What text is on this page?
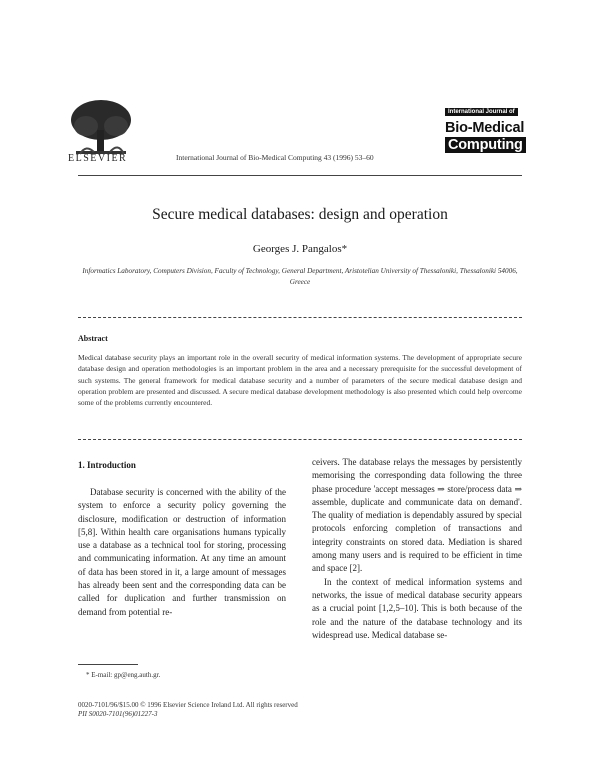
ELSEVIER	International Journal of Bio-Medical Computing 43 (1996) 53–60
International Journal of
Bio-Medical
Computing
Secure medical databases: design and operation
Georges J. Pangalos*
Informatics Laboratory, Computers Division, Faculty of Technology, General Department, Aristotelian University of Thessaloniki, Thessaloniki 54006, Greece
Abstract
Medical database security plays an important role in the overall security of medical information systems. The development of appropriate secure database design and operation methodologies is an important problem in the area and a necessary prerequisite for the successful development of such systems. The general framework for medical database security and a number of parameters of the secure medical database design and operation problem are presented and discussed. A secure medical database development methodology is also presented which could help overcome some of the problems currently encountered.
1. Introduction

Database security is concerned with the ability of the system to enforce a security policy governing the disclosure, modification or destruction of information [5,8]. Within health care organisations humans typically use a database as a technical tool for storing, processing and communicating information. At any time an amount of data has been stored in it, a large amount of messages has already been sent and the corresponding data can be called for duplication and further transmission on demand from potential re-

ceivers. The database relays the messages by persistently memorising the corresponding data following the three phase procedure 'accept messages ⇒ store/process data ⇒ assemble, duplicate and communicate data on demand'. The quality of mediation is dependably assured by special protocols enforcing completion of transactions and integrity constraints on stored data. Mediation is shared among many users and is required to be efficient in time and space [2].

In the context of medical information systems and networks, the issue of medical database security appears as a crucial point [1,2,5–10]. This is both because of the role and the nature of the database technology and its widespread use. Medical database se-

* E-mail: gp@eng.auth.gr.
0020-7101/96/$15.00 © 1996 Elsevier Science Ireland Ltd. All rights reserved
PII S0020-7101(96)01227-3
